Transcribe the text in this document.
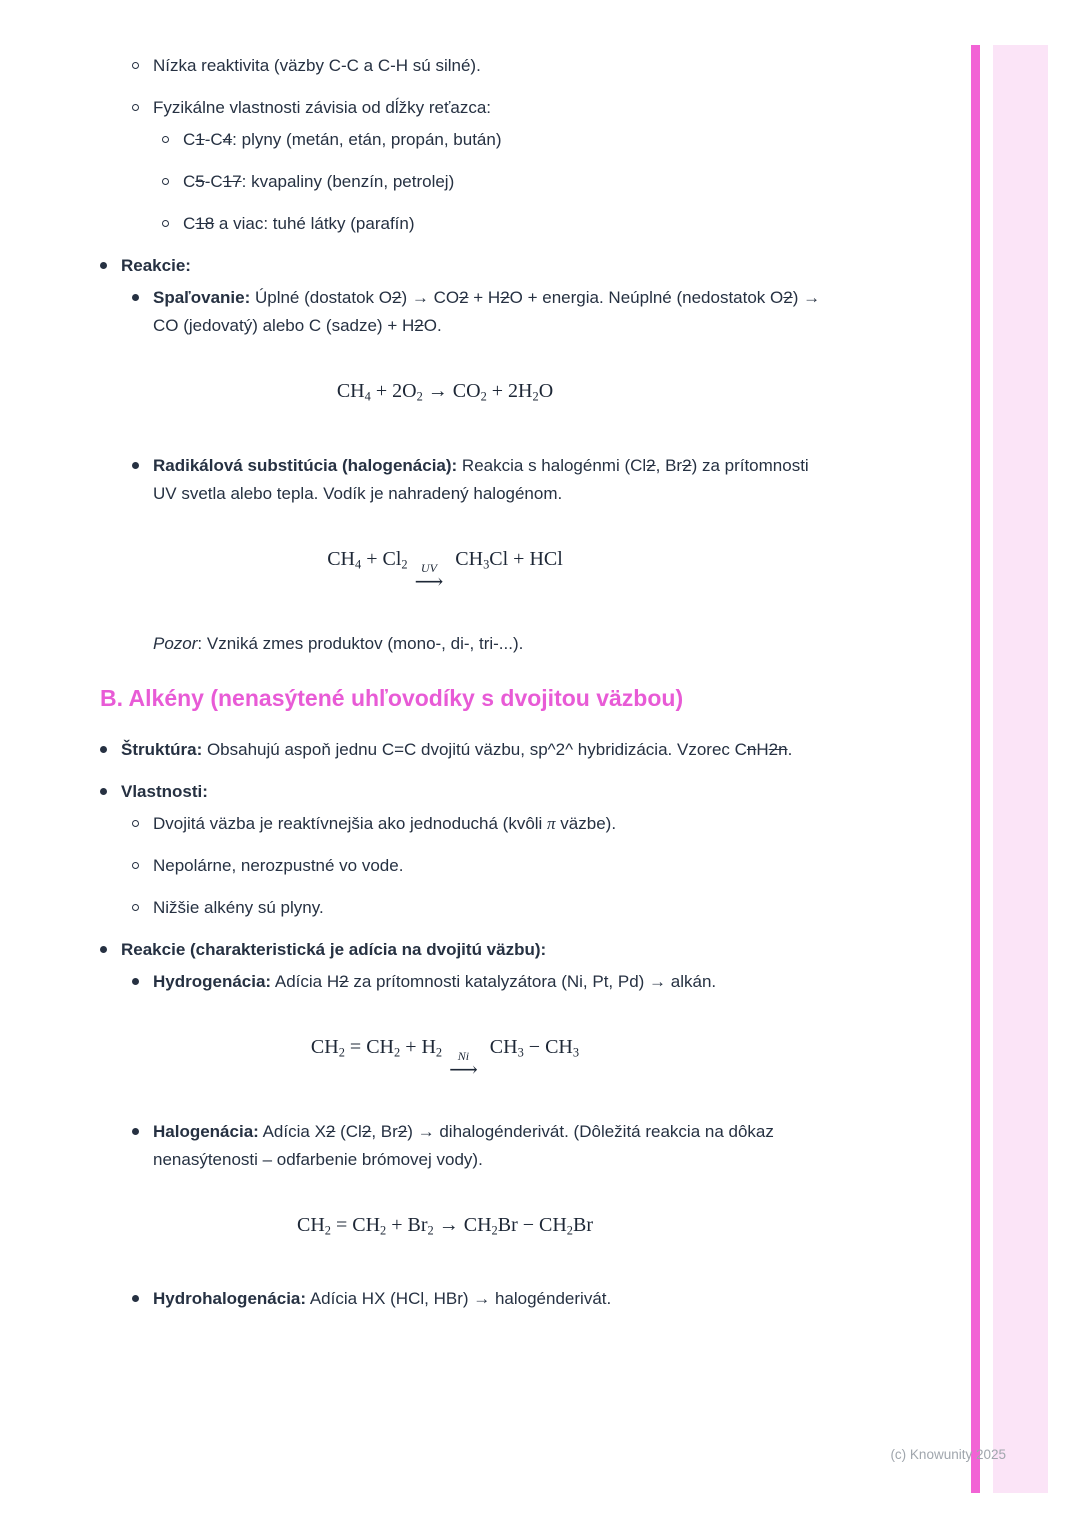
Nízka reaktivita (väzby C-C a C-H sú silné).
Fyzikálne vlastnosti závisia od dĺžky reťazca:
C1-C4: plyny (metán, etán, propán, bután)
C5-C17: kvapaliny (benzín, petrolej)
C18 a viac: tuhé látky (parafín)
Reakcie:
Spaľovanie: Úplné (dostatok O2) → CO2 + H2O + energia. Neúplné (nedostatok O2) → CO (jedovatý) alebo C (sadze) + H2O.
$CH_4 + 2O_2 \to CO_2 + 2H_2O$
Radikálová substitúcia (halogenácia): Reakcia s halogénmi (Cl2, Br2) za prítomnosti UV svetla alebo tepla. Vodík je nahradený halogénom.
$CH_4 + Cl_2$ UV
⟶
$CH_3Cl$ + HCl
Pozor: Vzniká zmes produktov (mono-, di-, tri-...).
B. Alkény (nenasýtené uhľovodíky s dvojitou väzbou)
Štruktúra: Obsahujú aspoň jednu C=C dvojitú väzbu, sp^2^ hybridizácia. Vzorec CnH2n.
Vlastnosti:
Dvojitá väzba je reaktívnejšia ako jednoduchá (kvôli π väzbe).
Nepolárne, nerozpustné vo vode.
Nižšie alkény sú plyny.
Reakcie (charakteristická je adícia na dvojitú väzbu):
Hydrogenácia: Adícia H2 za prítomnosti katalyzátora (Ni, Pt, Pd) → alkán.
$CH_2 = CH_2 + H_2$ Ni
⟶
$CH_3 - CH_3$
Halogenácia: Adícia X2 (Cl2, Br2) → dihalogénderivát. (Dôležitá reakcia na dôkaz nenasýtenosti – odfarbenie brómovej vody).
$CH_2 = CH_2 + Br_2 \to CH_2Br - CH_2Br$
Hydrohalogenácia: Adícia HX (HCl, HBr) → halogénderivát.
(c) Knowunity 2025
